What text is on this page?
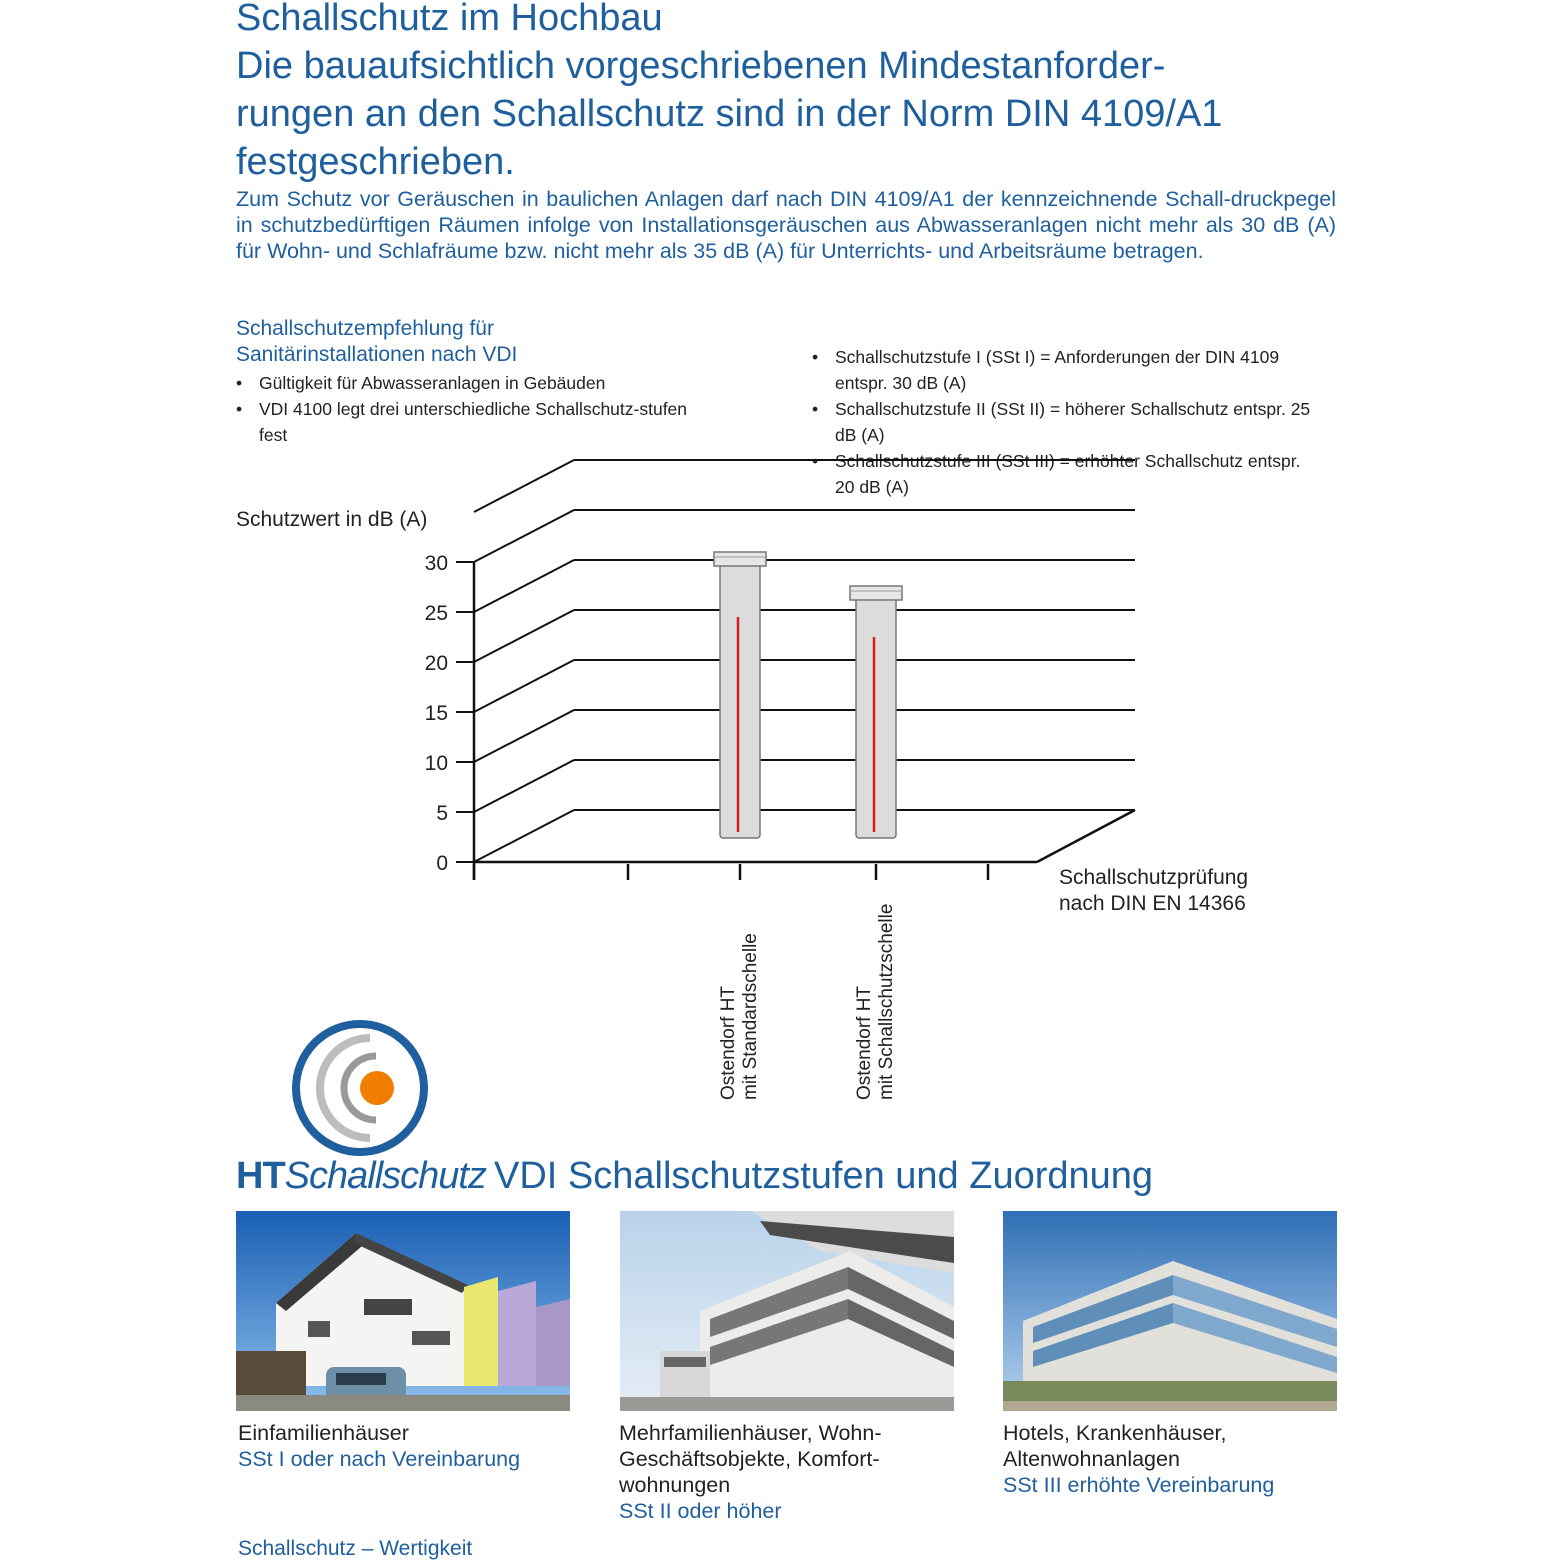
Schallschutz im Hochbau
Die bauaufsichtlich vorgeschriebenen Mindestanforder-
rungen an den Schallschutz sind in der Norm DIN 4109/A1
festgeschrieben.

Zum Schutz vor Geräuschen in baulichen Anlagen darf nach DIN 4109/A1 der kennzeichnende Schall-druckpegel in schutzbedürftigen Räumen infolge von Installationsgeräuschen aus Abwasseranlagen nicht mehr als 30 dB (A) für Wohn- und Schlafräume bzw. nicht mehr als 35 dB (A) für Unterrichts- und Arbeitsräume betragen.

Schallschutzempfehlung für
Sanitärinstallationen nach VDI
• Gültigkeit für Abwasseranlagen in Gebäuden
• VDI 4100 legt drei unterschiedliche Schallschutz-stufen fest
• Schallschutzstufe I (SSt I) = Anforderungen der DIN 4109 entspr. 30 dB (A)
• Schallschutzstufe II (SSt II) = höherer Schallschutz entspr. 25 dB (A)
• Schallschutzstufe III (SSt III) = erhöhter Schallschutz entspr. 20 dB (A)
0
5
10
15
20
25
30
Schutzwert in dB (A)
Schallschutzprüfung
nach DIN EN 14366
Ostendorf HT mit Standardschelle	Ostendorf HT mit Schallschutzschelle
HTSchallschutz VDI Schallschutzstufen und Zuordnung
Einfamilienhäuser
SSt I oder nach Vereinbarung
Mehrfamilienhäuser, Wohn-Geschäftsobjekte, Komfort-wohnungen
SSt II oder höher
Hotels, Krankenhäuser, Altenwohnanlagen
SSt III erhöhte Vereinbarung
Schallschutz – Wertigkeit
